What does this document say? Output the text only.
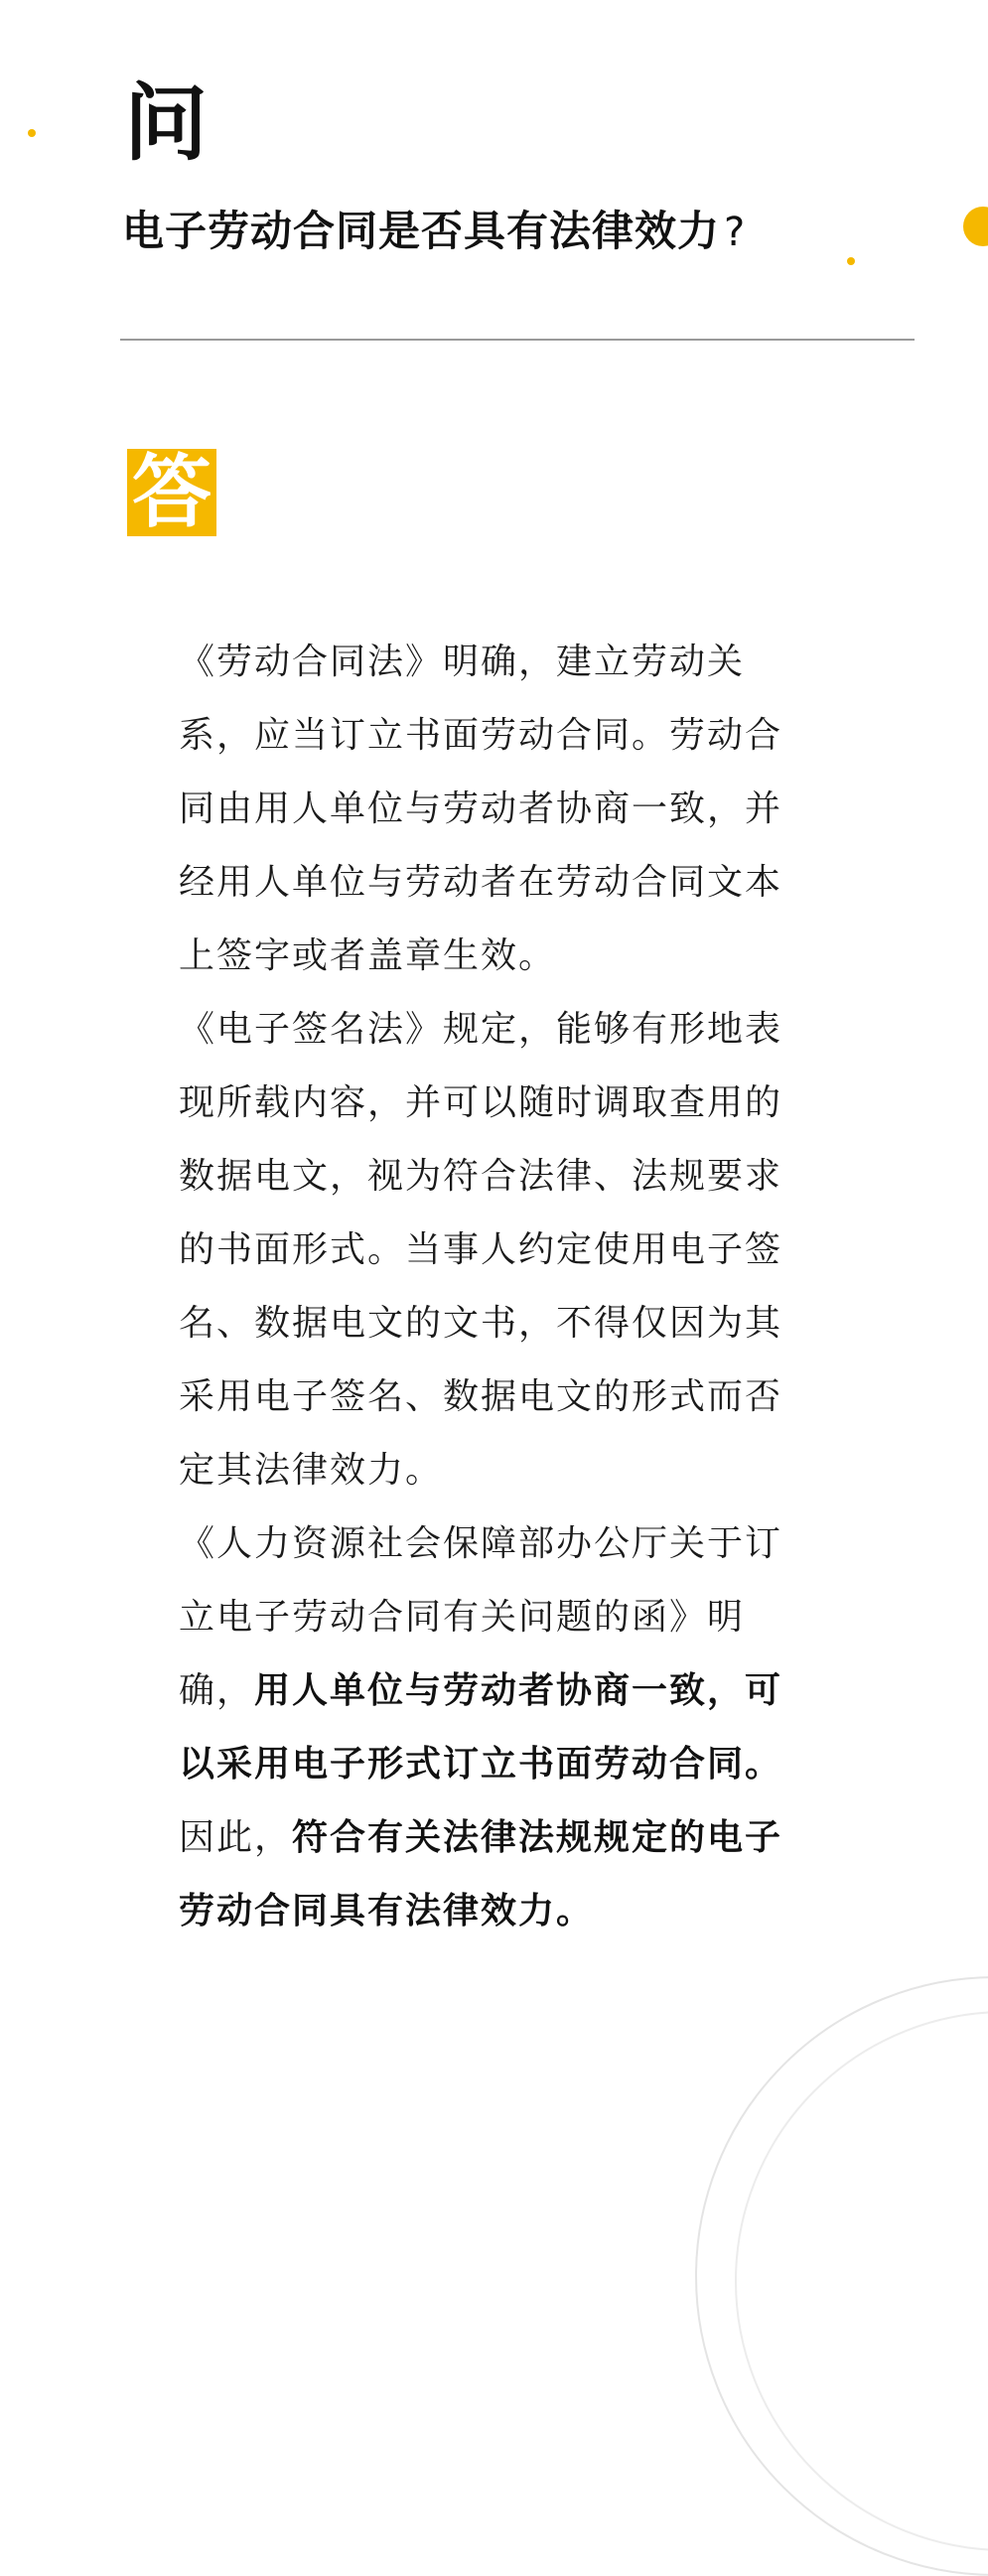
问
电子劳动合同是否具有法律效力 ?
答

《劳动合同法》明确，建立劳动关系，应当订立书面劳动合同。劳动合同由用人单位与劳动者协商一致，并经用人单位与劳动者在劳动合同文本上签字或者盖章生效。

《电子签名法》规定，能够有形地表现所载内容，并可以随时调取查用的数据电文，视为符合法律、法规要求的书面形式。当事人约定使用电子签名、数据电文的文书，不得仅因为其采用电子签名、数据电文的形式而否定其法律效力。

《人力资源社会保障部办公厅关于订立电子劳动合同有关问题的函》明确，用人单位与劳动者协商一致，可以采用电子形式订立书面劳动合同。

因此，符合有关法律法规规定的电子劳动合同具有法律效力。
